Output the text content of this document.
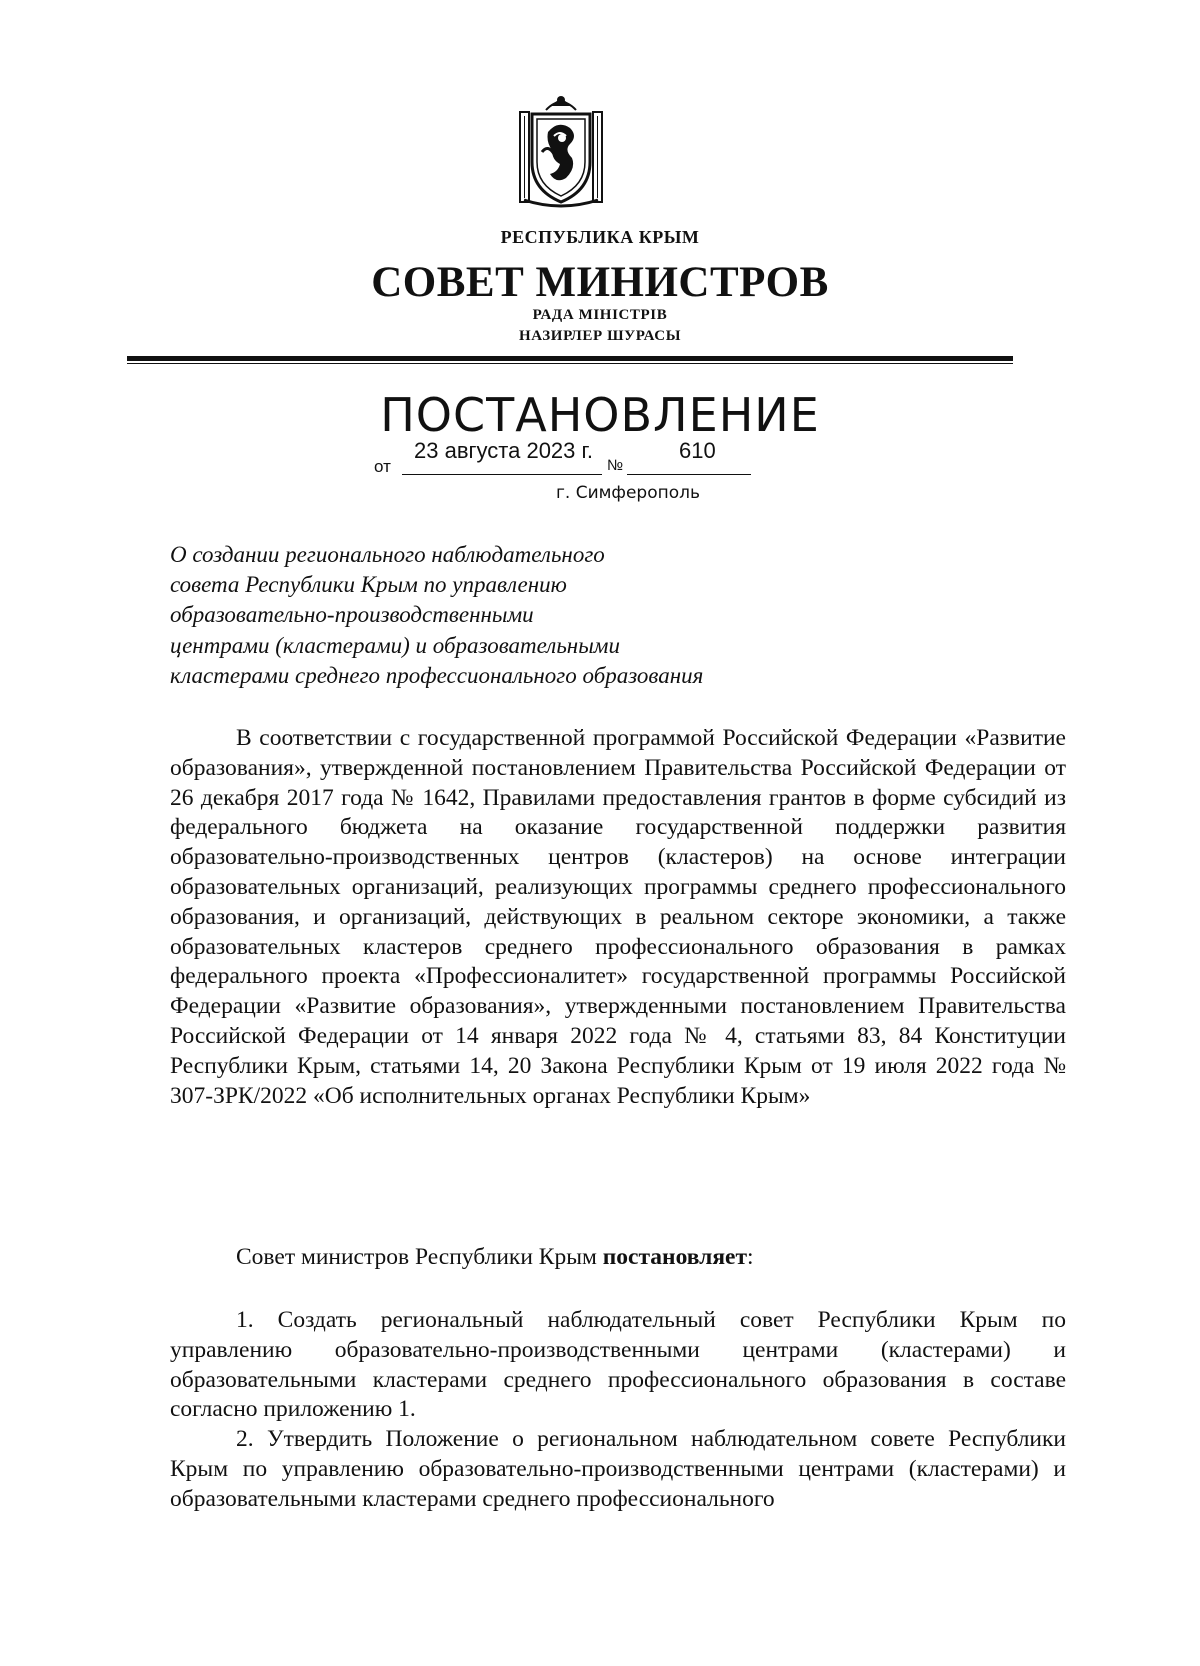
РЕСПУБЛИКА КРЫМ
СОВЕТ МИНИСТРОВ
РАДА МІНІСТРІВ
НАЗИРЛЕР ШУРАСЫ
ПОСТАНОВЛЕНИЕ
от
23 августа 2023 г.
№
610
г. Симферополь
О создании регионального наблюдательного
совета Республики Крым по управлению
образовательно-производственными
центрами (кластерами) и образовательными
кластерами среднего профессионального образования
В соответствии с государственной программой Российской Федерации «Развитие образования», утвержденной постановлением Правительства Российской Федерации от 26 декабря 2017 года № 1642, Правилами предоставления грантов в форме субсидий из федерального бюджета на оказание государственной поддержки развития образовательно-производственных центров (кластеров) на основе интеграции образовательных организаций, реализующих программы среднего профессионального образования, и организаций, действующих в реальном секторе экономики, а также образовательных кластеров среднего профессионального образования в рамках федерального проекта «Профессионалитет» государственной программы Российской Федерации «Развитие образования», утвержденными постановлением Правительства Российской Федерации от 14 января 2022 года № 4, статьями 83, 84 Конституции Республики Крым, статьями 14, 20 Закона Республики Крым от 19 июля 2022 года № 307-ЗРК/2022 «Об исполнительных органах Республики Крым»
Совет министров Республики Крым постановляет:
1. Создать региональный наблюдательный совет Республики Крым по управлению образовательно-производственными центрами (кластерами) и образовательными кластерами среднего профессионального образования в составе согласно приложению 1.
2. Утвердить Положение о региональном наблюдательном совете Республики Крым по управлению образовательно-производственными центрами (кластерами) и образовательными кластерами среднего профессионального
